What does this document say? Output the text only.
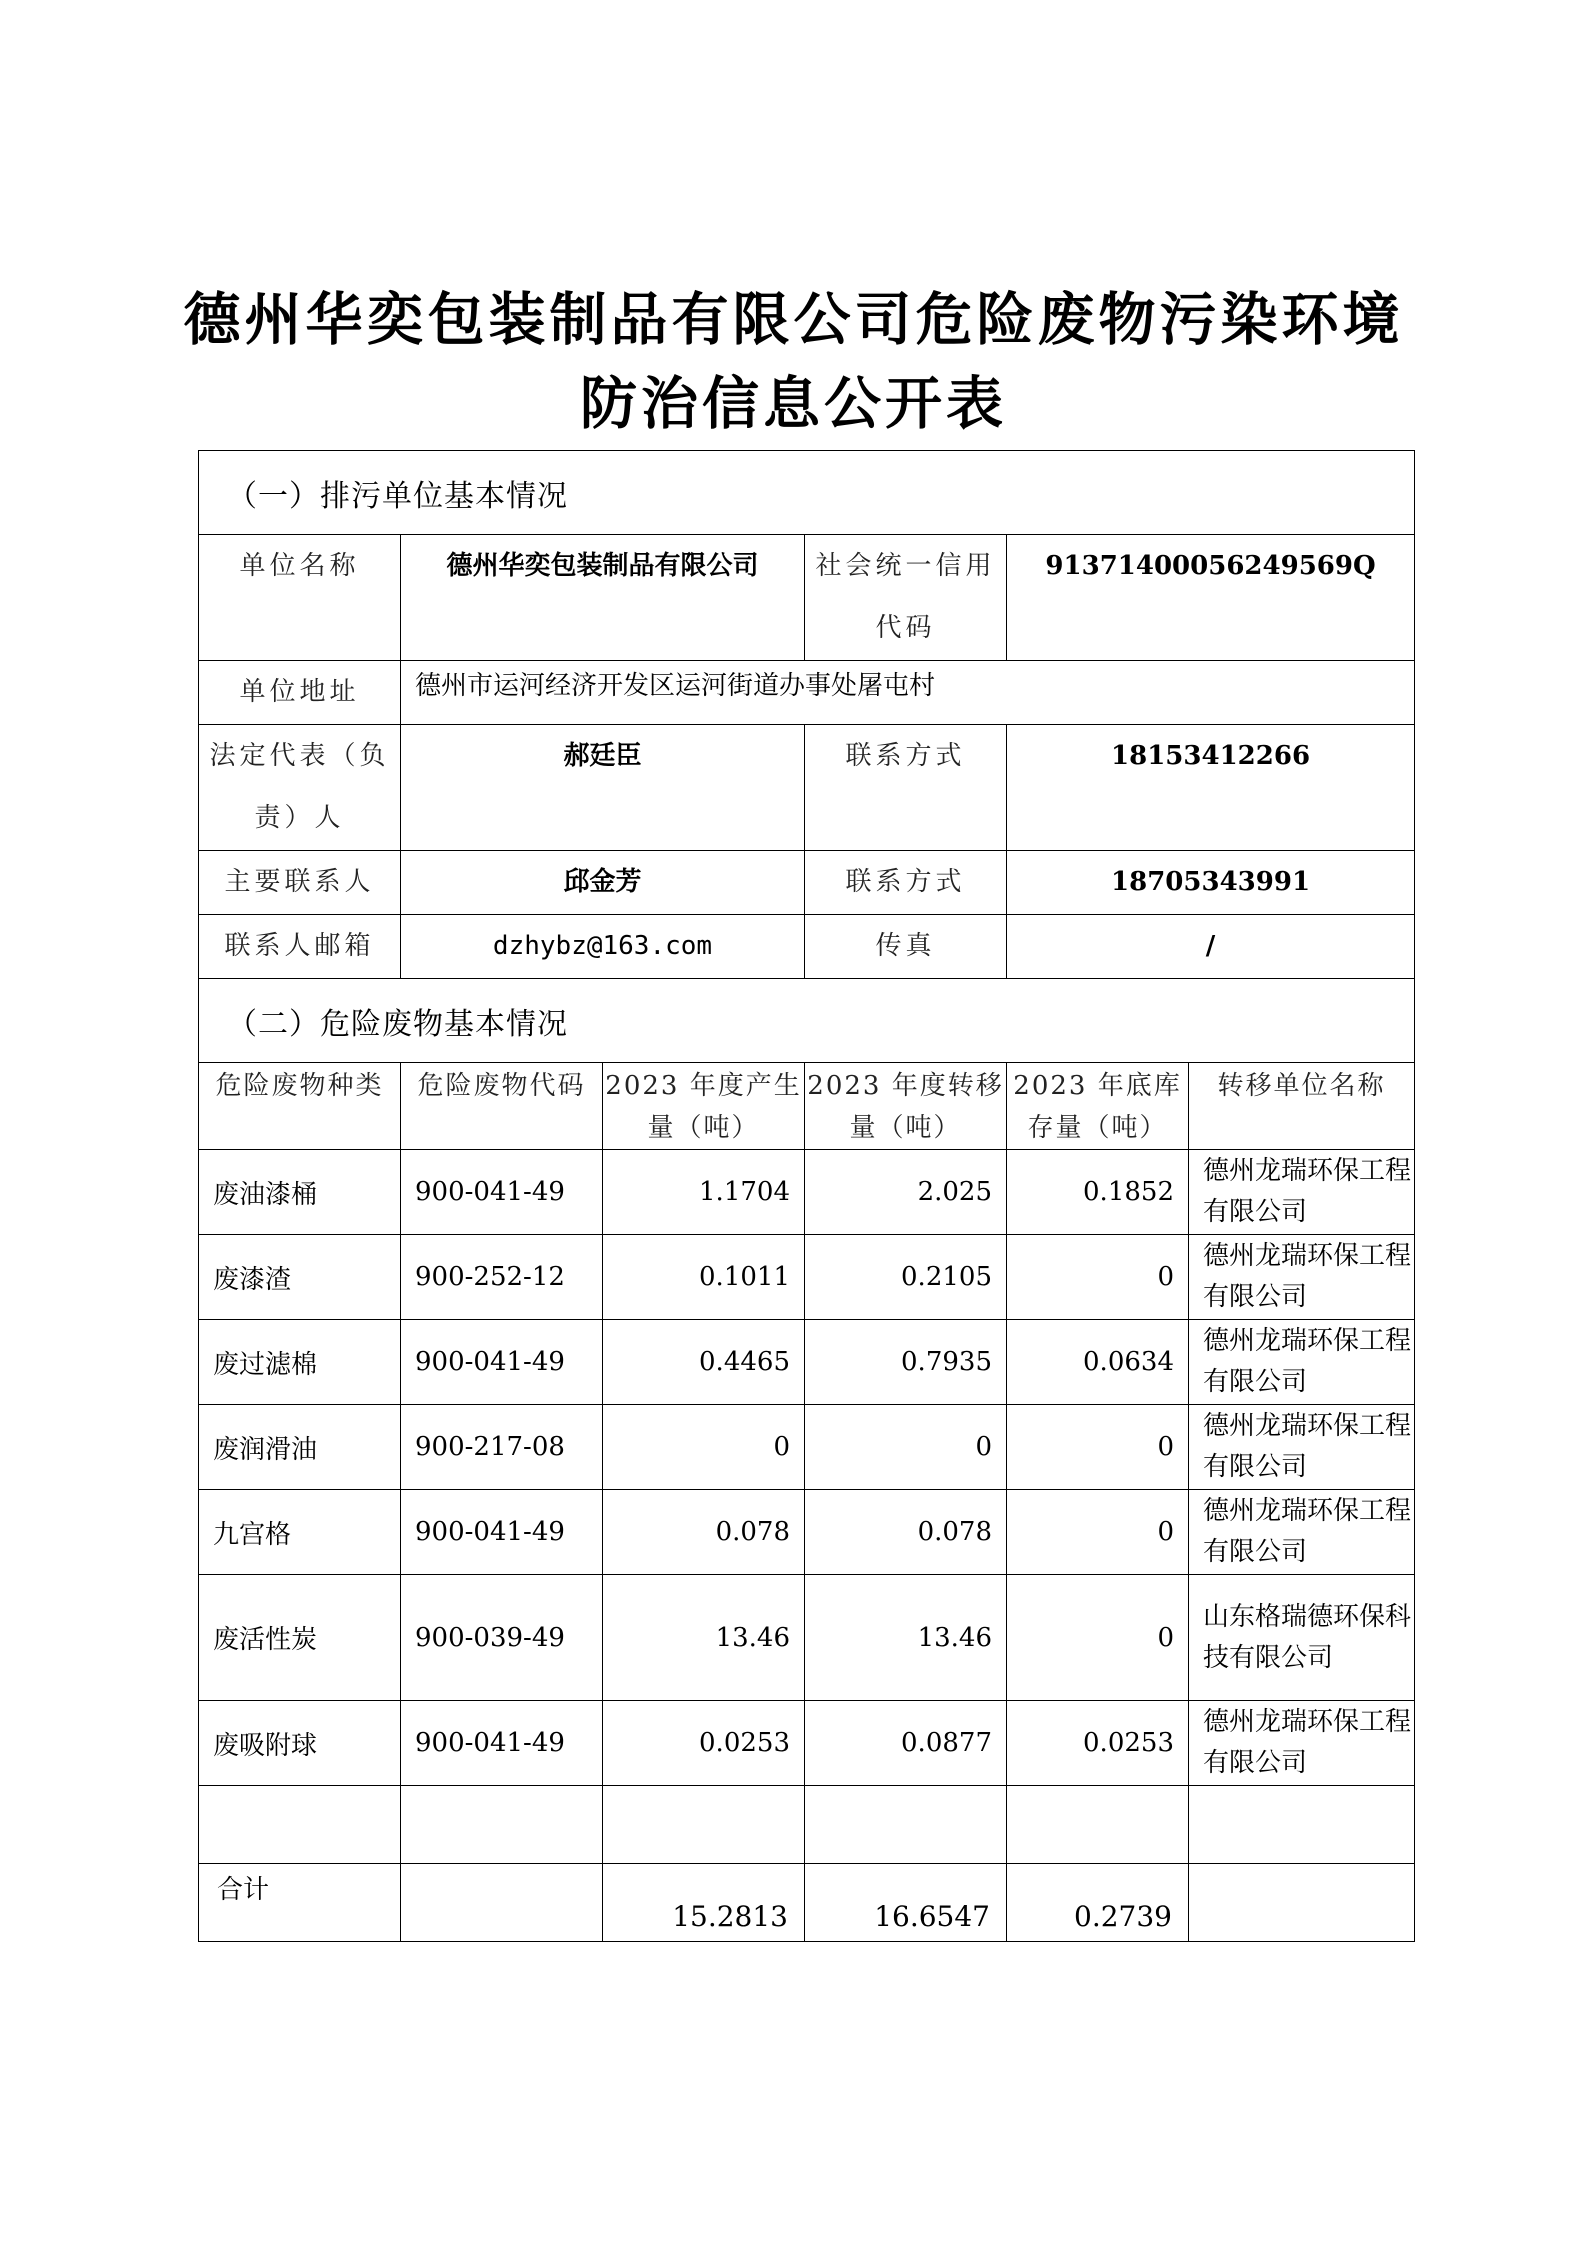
德州华奕包装制品有限公司危险废物污染环境
防治信息公开表
（一）排污单位基本情况					
单位名称	德州华奕包装制品有限公司		社会统一信用代码	91371400056249569Q	
单位地址	德州市运河经济开发区运河街道办事处屠屯村				
法定代表（负责）人	郝廷臣		联系方式	18153412266	
主要联系人	邱金芳		联系方式	18705343991	
联系人邮箱	dzhybz@163.com		传真	/	
（二）危险废物基本情况					
危险废物种类	危险废物代码	2023 年度产生量（吨）	2023 年度转移量（吨）	2023 年底库存量（吨）	转移单位名称
废油漆桶	900-041-49	1.1704	2.025	0.1852	德州龙瑞环保工程有限公司
废漆渣	900-252-12	0.1011	0.2105	0	德州龙瑞环保工程有限公司
废过滤棉	900-041-49	0.4465	0.7935	0.0634	德州龙瑞环保工程有限公司
废润滑油	900-217-08	0	0	0	德州龙瑞环保工程有限公司
九宫格	900-041-49	0.078	0.078	0	德州龙瑞环保工程有限公司
废活性炭	900-039-49	13.46	13.46	0	山东格瑞德环保科技有限公司
废吸附球	900-041-49	0.0253	0.0877	0.0253	德州龙瑞环保工程有限公司

合计		15.2813	16.6547	0.2739	
